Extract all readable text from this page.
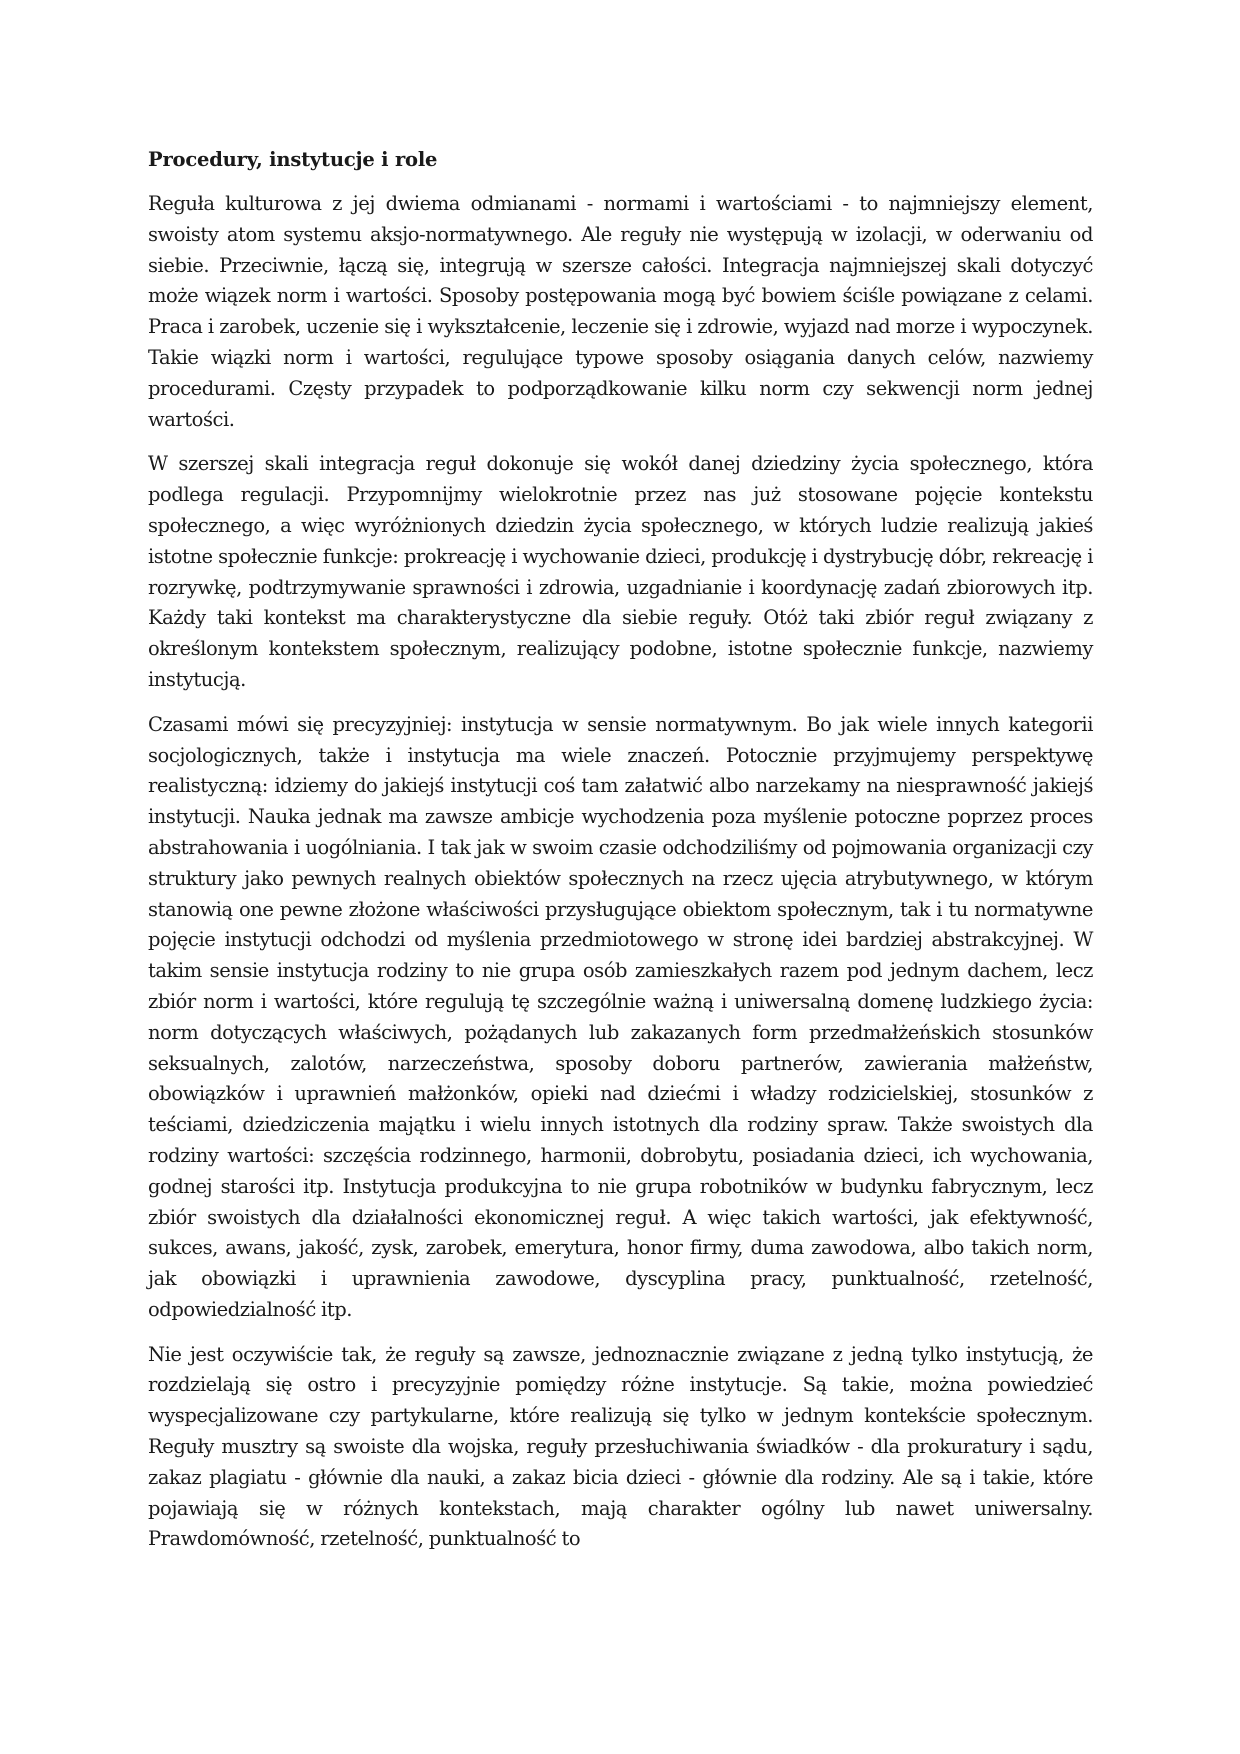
Procedury, instytucje i role

Reguła kulturowa z jej dwiema odmianami - normami i wartościami - to najmniejszy element, swoisty atom systemu aksjo-normatywnego. Ale reguły nie występują w izolacji, w oderwaniu od siebie. Przeciwnie, łączą się, integrują w szersze całości. Integracja najmniejszej skali dotyczyć może wiązek norm i wartości. Sposoby postępowania mogą być bowiem ściśle powiązane z celami. Praca i zarobek, uczenie się i wykształcenie, leczenie się i zdrowie, wyjazd nad morze i wypoczynek. Takie wiązki norm i wartości, regulujące typowe sposoby osiągania danych celów, nazwiemy procedurami. Częsty przypadek to podporządkowanie kilku norm czy sekwencji norm jednej wartości.

W szerszej skali integracja reguł dokonuje się wokół danej dziedziny życia społecznego, która podlega regulacji. Przypomnijmy wielokrotnie przez nas już stosowane pojęcie kontekstu społecznego, a więc wyróżnionych dziedzin życia społecznego, w których ludzie realizują jakieś istotne społecznie funkcje: prokreację i wychowanie dzieci, produkcję i dystrybucję dóbr, rekreację i rozrywkę, podtrzymywanie sprawności i zdrowia, uzgadnianie i koordynację zadań zbiorowych itp. Każdy taki kontekst ma charakterystyczne dla siebie reguły. Otóż taki zbiór reguł związany z określonym kontekstem społecznym, realizujący podobne, istotne społecznie funkcje, nazwiemy instytucją.

Czasami mówi się precyzyjniej: instytucja w sensie normatywnym. Bo jak wiele innych kategorii socjologicznych, także i instytucja ma wiele znaczeń. Potocznie przyjmujemy perspektywę realistyczną: idziemy do jakiejś instytucji coś tam załatwić albo narzekamy na niesprawność jakiejś instytucji. Nauka jednak ma zawsze ambicje wychodzenia poza myślenie potoczne poprzez proces abstrahowania i uogólniania. I tak jak w swoim czasie odchodziliśmy od pojmowania organizacji czy struktury jako pewnych realnych obiektów społecznych na rzecz ujęcia atrybutywnego, w którym stanowią one pewne złożone właściwości przysługujące obiektom społecznym, tak i tu normatywne pojęcie instytucji odchodzi od myślenia przedmiotowego w stronę idei bardziej abstrakcyjnej. W takim sensie instytucja rodziny to nie grupa osób zamieszkałych razem pod jednym dachem, lecz zbiór norm i wartości, które regulują tę szczególnie ważną i uniwersalną domenę ludzkiego życia: norm dotyczących właściwych, pożądanych lub zakazanych form przedmałżeńskich stosunków seksualnych, zalotów, narzeczeństwa, sposoby doboru partnerów, zawierania małżeństw, obowiązków i uprawnień małżonków, opieki nad dziećmi i władzy rodzicielskiej, stosunków z teściami, dziedziczenia majątku i wielu innych istotnych dla rodziny spraw. Także swoistych dla rodziny wartości: szczęścia rodzinnego, harmonii, dobrobytu, posiadania dzieci, ich wychowania, godnej starości itp. Instytucja produkcyjna to nie grupa robotników w budynku fabrycznym, lecz zbiór swoistych dla działalności ekonomicznej reguł. A więc takich wartości, jak efektywność, sukces, awans, jakość, zysk, zarobek, emerytura, honor firmy, duma zawodowa, albo takich norm, jak obowiązki i uprawnienia zawodowe, dyscyplina pracy, punktualność, rzetelność, odpowiedzialność itp.

Nie jest oczywiście tak, że reguły są zawsze, jednoznacznie związane z jedną tylko instytucją, że rozdzielają się ostro i precyzyjnie pomiędzy różne instytucje. Są takie, można powiedzieć wyspecjalizowane czy partykularne, które realizują się tylko w jednym kontekście społecznym. Reguły musztry są swoiste dla wojska, reguły przesłuchiwania świadków - dla prokuratury i sądu, zakaz plagiatu - głównie dla nauki, a zakaz bicia dzieci - głównie dla rodziny. Ale są i takie, które pojawiają się w różnych kontekstach, mają charakter ogólny lub nawet uniwersalny. Prawdomówność, rzetelność, punktualność to
